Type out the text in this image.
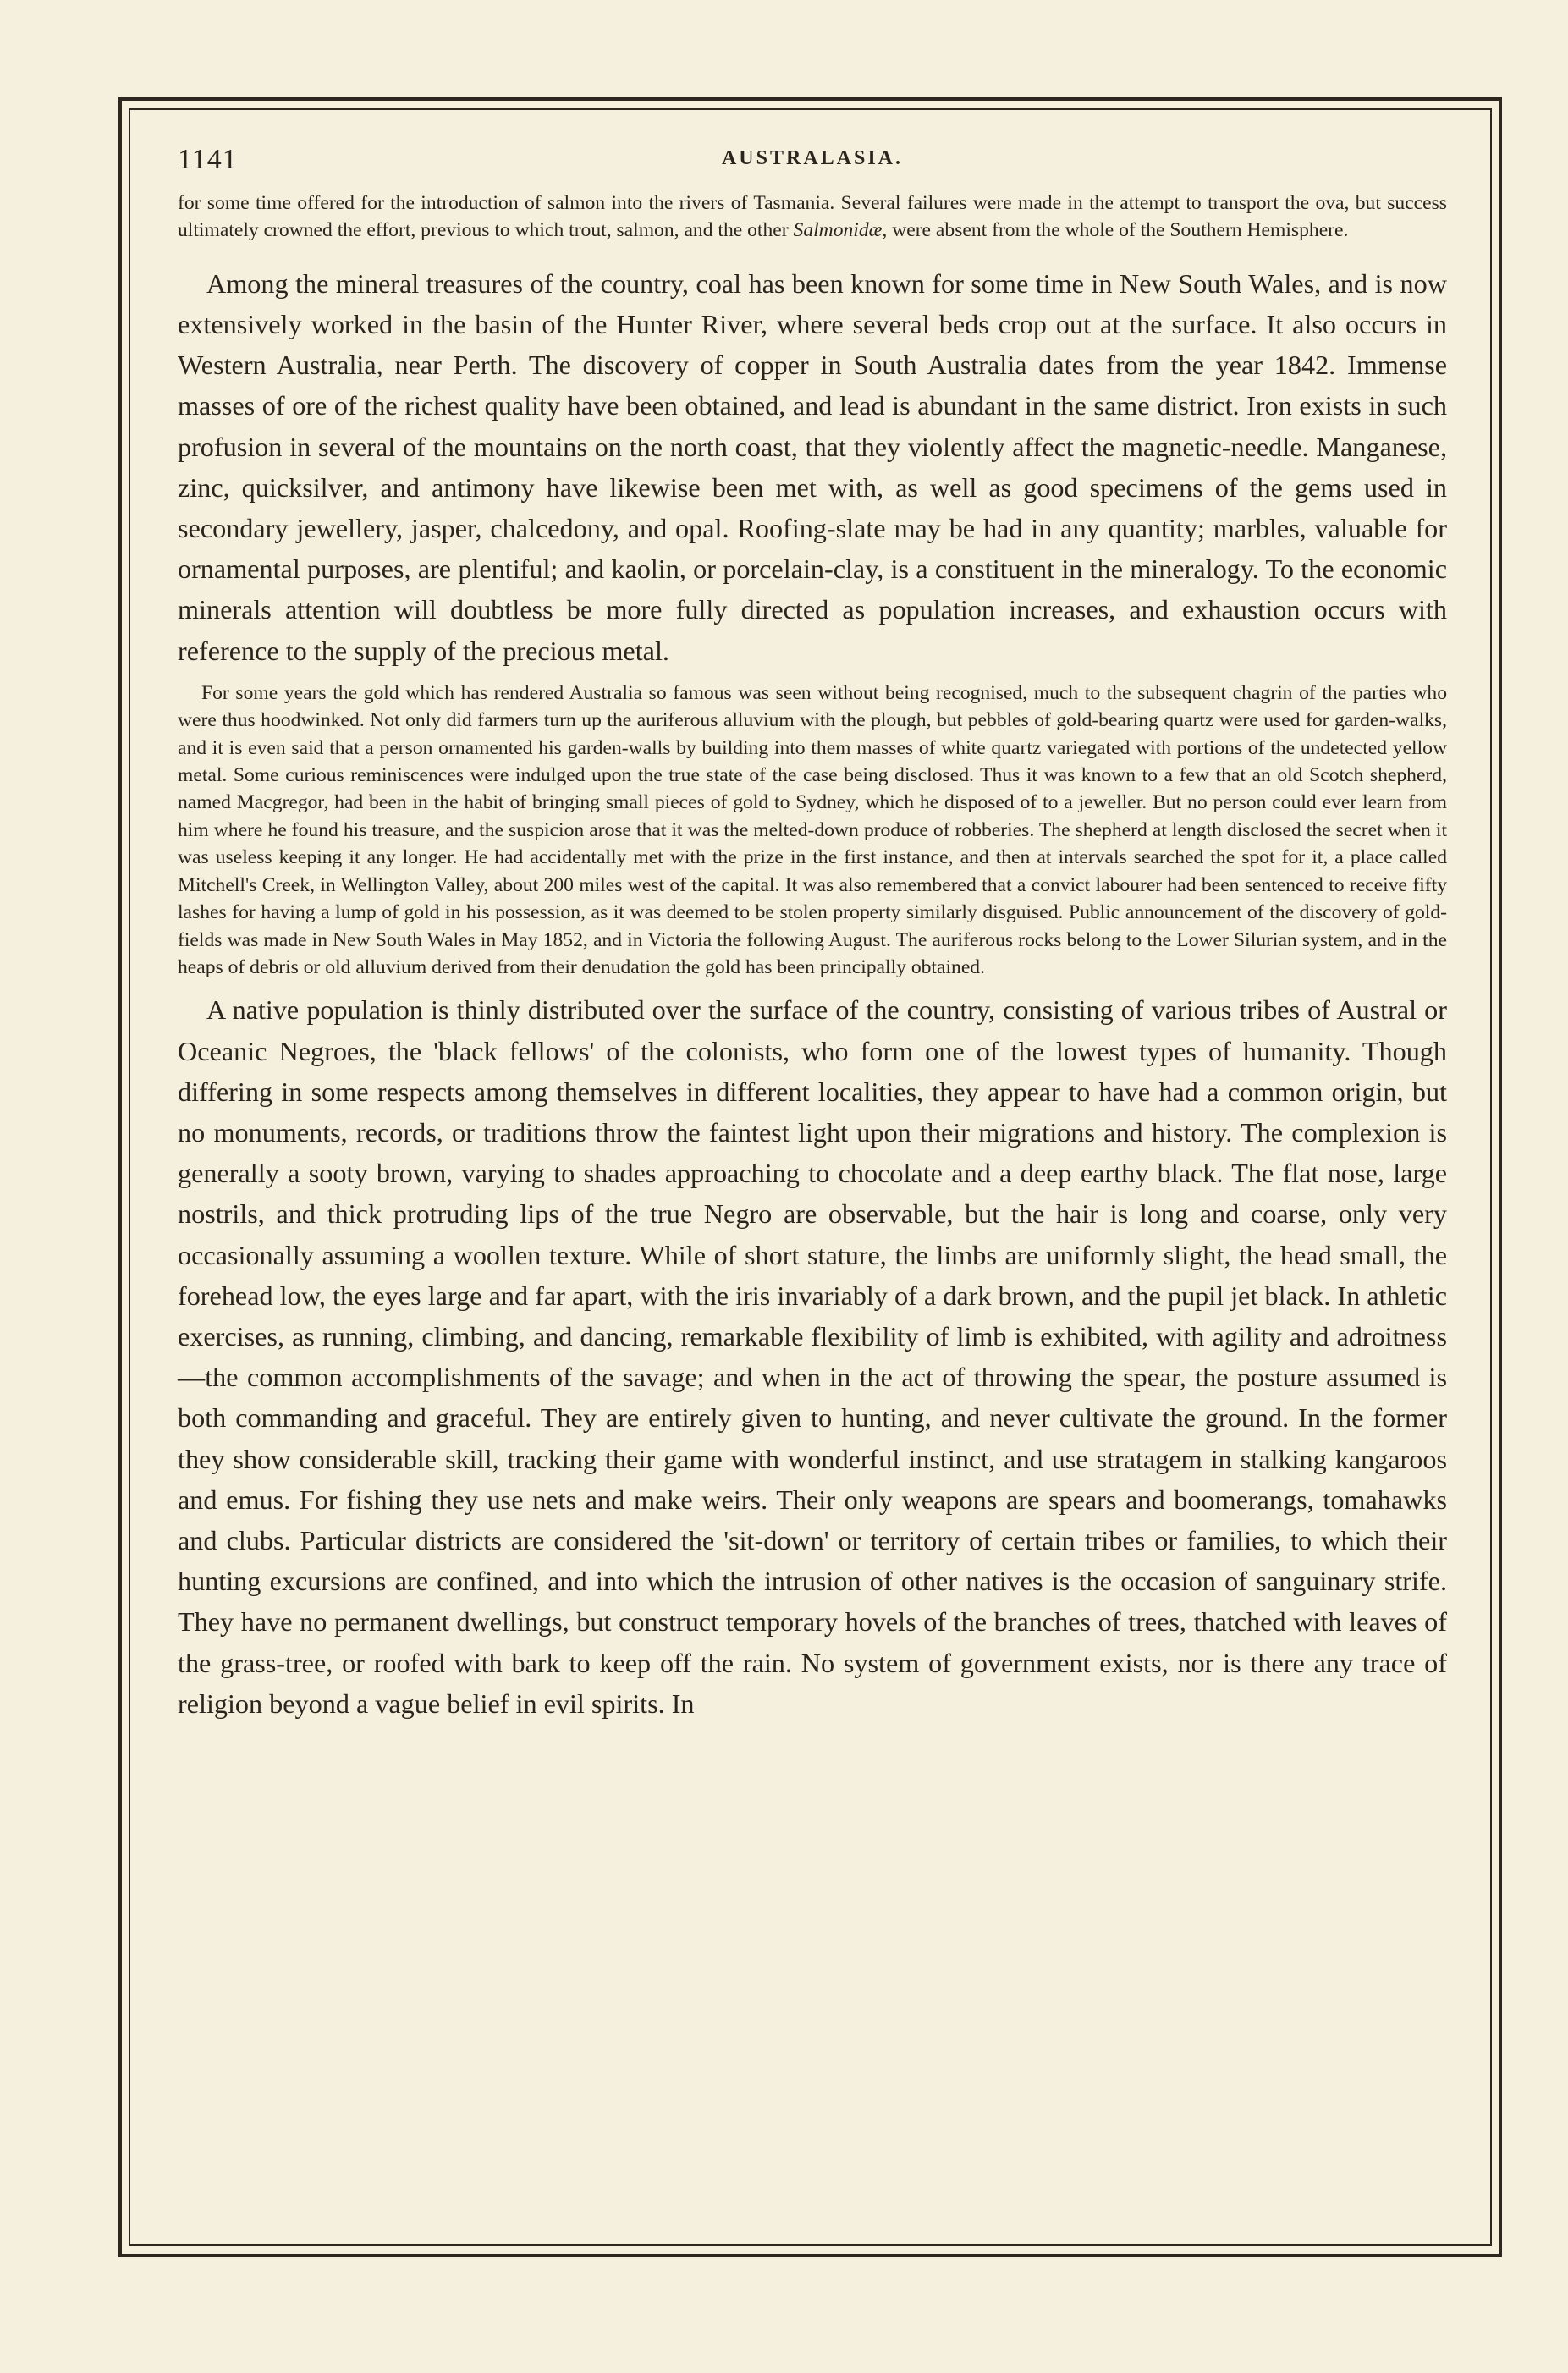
1141	AUSTRALASIA.

for some time offered for the introduction of salmon into the rivers of Tasmania. Several failures were made in the attempt to transport the ova, but success ultimately crowned the effort, previous to which trout, salmon, and the other Salmonidæ, were absent from the whole of the Southern Hemisphere.

Among the mineral treasures of the country, coal has been known for some time in New South Wales, and is now extensively worked in the basin of the Hunter River, where several beds crop out at the surface. It also occurs in Western Australia, near Perth. The discovery of copper in South Australia dates from the year 1842. Immense masses of ore of the richest quality have been obtained, and lead is abundant in the same district. Iron exists in such profusion in several of the mountains on the north coast, that they violently affect the magnetic-needle. Manganese, zinc, quicksilver, and antimony have likewise been met with, as well as good specimens of the gems used in secondary jewellery, jasper, chalcedony, and opal. Roofing-slate may be had in any quantity; marbles, valuable for ornamental purposes, are plentiful; and kaolin, or porcelain-clay, is a constituent in the mineralogy. To the economic minerals attention will doubtless be more fully directed as population increases, and exhaustion occurs with reference to the supply of the precious metal.

For some years the gold which has rendered Australia so famous was seen without being recognised, much to the subsequent chagrin of the parties who were thus hoodwinked. Not only did farmers turn up the auriferous alluvium with the plough, but pebbles of gold-bearing quartz were used for garden-walks, and it is even said that a person ornamented his garden-walls by building into them masses of white quartz variegated with portions of the undetected yellow metal. Some curious reminiscences were indulged upon the true state of the case being disclosed. Thus it was known to a few that an old Scotch shepherd, named Macgregor, had been in the habit of bringing small pieces of gold to Sydney, which he disposed of to a jeweller. But no person could ever learn from him where he found his treasure, and the suspicion arose that it was the melted-down produce of robberies. The shepherd at length disclosed the secret when it was useless keeping it any longer. He had accidentally met with the prize in the first instance, and then at intervals searched the spot for it, a place called Mitchell's Creek, in Wellington Valley, about 200 miles west of the capital. It was also remembered that a convict labourer had been sentenced to receive fifty lashes for having a lump of gold in his possession, as it was deemed to be stolen property similarly disguised. Public announcement of the discovery of gold-fields was made in New South Wales in May 1852, and in Victoria the following August. The auriferous rocks belong to the Lower Silurian system, and in the heaps of debris or old alluvium derived from their denudation the gold has been principally obtained.

A native population is thinly distributed over the surface of the country, consisting of various tribes of Austral or Oceanic Negroes, the 'black fellows' of the colonists, who form one of the lowest types of humanity. Though differing in some respects among themselves in different localities, they appear to have had a common origin, but no monuments, records, or traditions throw the faintest light upon their migrations and history. The complexion is generally a sooty brown, varying to shades approaching to chocolate and a deep earthy black. The flat nose, large nostrils, and thick protruding lips of the true Negro are observable, but the hair is long and coarse, only very occasionally assuming a woollen texture. While of short stature, the limbs are uniformly slight, the head small, the forehead low, the eyes large and far apart, with the iris invariably of a dark brown, and the pupil jet black. In athletic exercises, as running, climbing, and dancing, remarkable flexibility of limb is exhibited, with agility and adroitness—the common accomplishments of the savage; and when in the act of throwing the spear, the posture assumed is both commanding and graceful. They are entirely given to hunting, and never cultivate the ground. In the former they show considerable skill, tracking their game with wonderful instinct, and use stratagem in stalking kangaroos and emus. For fishing they use nets and make weirs. Their only weapons are spears and boomerangs, tomahawks and clubs. Particular districts are considered the 'sit-down' or territory of certain tribes or families, to which their hunting excursions are confined, and into which the intrusion of other natives is the occasion of sanguinary strife. They have no permanent dwellings, but construct temporary hovels of the branches of trees, thatched with leaves of the grass-tree, or roofed with bark to keep off the rain. No system of government exists, nor is there any trace of religion beyond a vague belief in evil spirits. In
